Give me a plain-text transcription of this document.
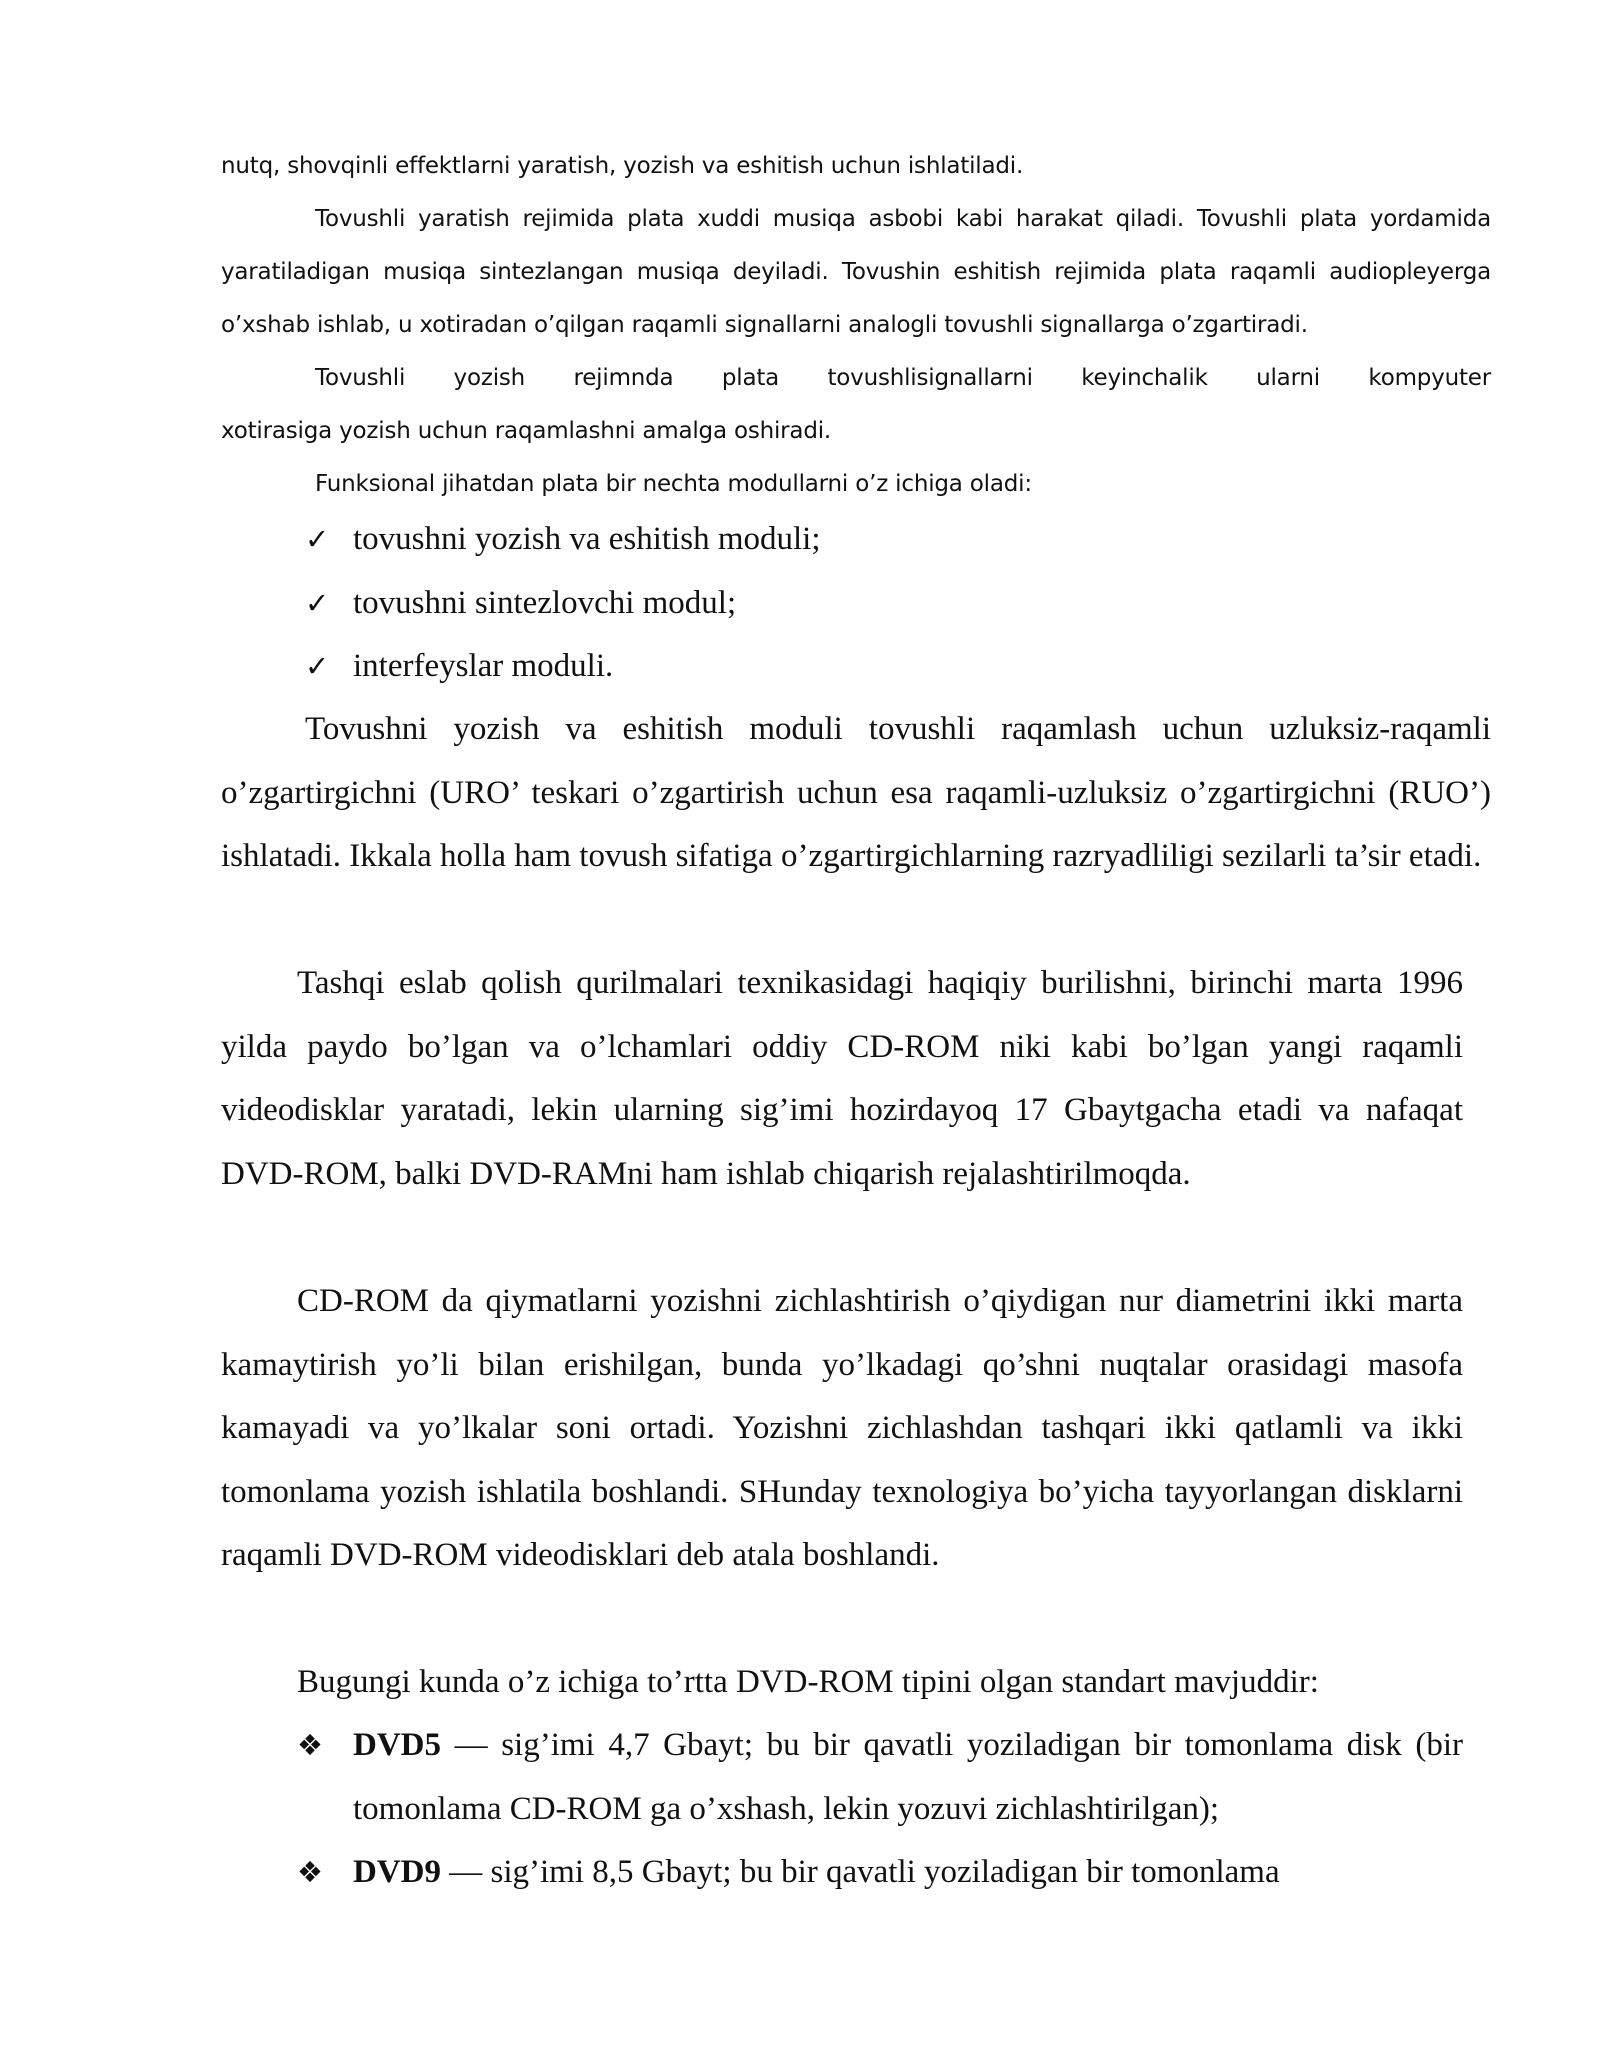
nutq, shovqinli effektlarni yaratish, yozish va eshitish uchun ishlatiladi.

Tovushli yaratish rejimida plata xuddi musiqa asbobi kabi harakat qiladi. Tovushli plata yordamida yaratiladigan musiqa sintezlangan musiqa deyiladi. Tovushin eshitish rejimida plata raqamli audiopleyerga o’xshab ishlab, u xotiradan o’qilgan raqamli signallarni analogli tovushli signallarga o’zgartiradi.

Tovushli yozish rejimnda plata tovushlisignallarni keyinchalik ularni kompyuter
xotirasiga yozish uchun raqamlashni amalga oshiradi.

Funksional jihatdan plata bir nechta modullarni o’z ichiga oladi:

✓ tovushni yozish va eshitish moduli;
✓ tovushni sintezlovchi modul;
✓ interfeyslar moduli.

Tovushni yozish va eshitish moduli tovushli raqamlash uchun uzluksiz-raqamli o’zgartirgichni (URO’ teskari o’zgartirish uchun esa raqamli-uzluksiz o’zgartirgichni (RUO’) ishlatadi. Ikkala holla ham tovush sifatiga o’zgartirgichlarning razryadliligi sezilarli ta’sir etadi.

Tashqi eslab qolish qurilmalari texnikasidagi haqiqiy burilishni, birinchi marta 1996 yilda paydo bo’lgan va o’lchamlari oddiy CD-ROM niki kabi bo’lgan yangi raqamli videodisklar yaratadi, lekin ularning sig’imi hozirdayoq 17 Gbaytgacha etadi va nafaqat DVD-ROM, balki DVD-RAMni ham ishlab chiqarish rejalashtirilmoqda.

CD-ROM da qiymatlarni yozishni zichlashtirish o’qiydigan nur diametrini ikki marta kamaytirish yo’li bilan erishilgan, bunda yo’lkadagi qo’shni nuqtalar orasidagi masofa kamayadi va yo’lkalar soni ortadi. Yozishni zichlashdan tashqari ikki qatlamli va ikki tomonlama yozish ishlatila boshlandi. SHunday texnologiya bo’yicha tayyorlangan disklarni raqamli DVD-ROM videodisklari deb atala boshlandi.

Bugungi kunda o’z ichiga to’rtta DVD-ROM tipini olgan standart mavjuddir:

❖ DVD5 — sig’imi 4,7 Gbayt; bu bir qavatli yoziladigan bir tomonlama disk (bir tomonlama CD-ROM ga o’xshash, lekin yozuvi zichlashtirilgan);
❖ DVD9 — sig’imi 8,5 Gbayt; bu bir qavatli yoziladigan bir tomonlama
